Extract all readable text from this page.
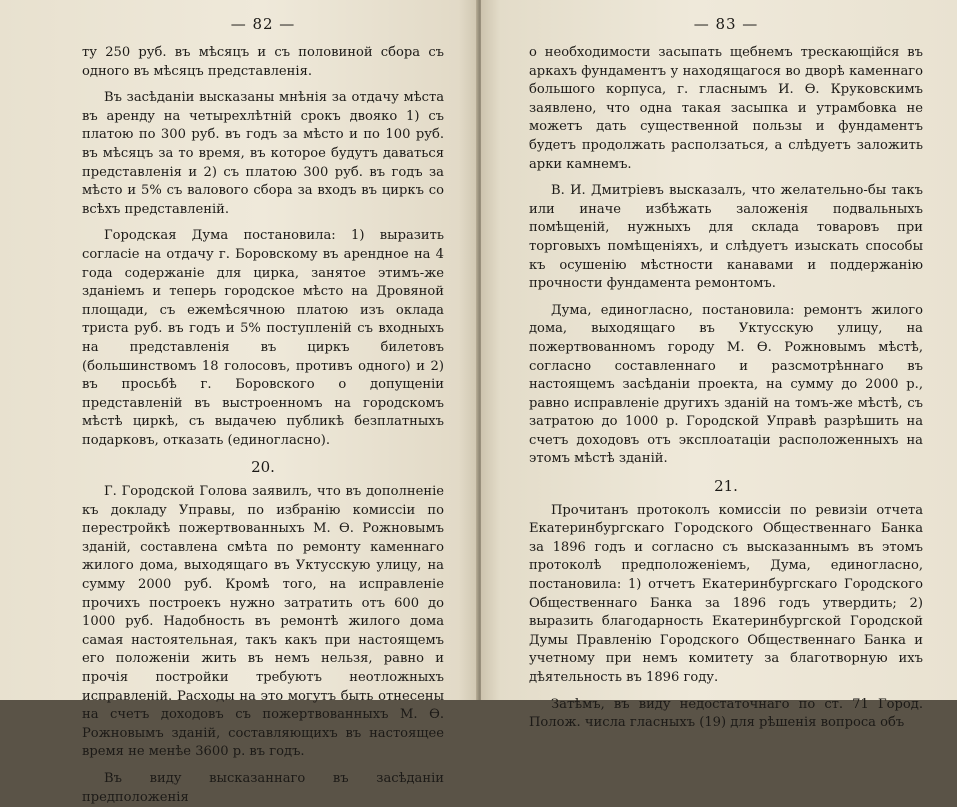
— 82 —

ту 250 руб. въ мѣсяцъ и съ половиной сбора съ одного въ мѣсяцъ представленія.

Въ засѣданіи высказаны мнѣнія за отдачу мѣста въ аренду на четырехлѣтній срокъ двояко 1) съ платою по 300 руб. въ годъ за мѣсто и по 100 руб. въ мѣсяцъ за то время, въ которое будутъ даваться представленія и 2) съ платою 300 руб. въ годъ за мѣсто и 5% съ валового сбора за входъ въ циркъ со всѣхъ представленій.

Городская Дума постановила: 1) выразить согласіе на отдачу г. Боровскому въ арендное на 4 года содержаніе для цирка, занятое этимъ-же зданіемъ и теперь городское мѣсто на Дровяной площади, съ ежемѣсячною платою изъ оклада триста руб. въ годъ и 5% поступленій съ входныхъ на представленія въ циркъ билетовъ (большинствомъ 18 голосовъ, противъ одного) и 2) въ просьбѣ г. Боровского о допущеніи представленій въ выстроенномъ на городскомъ мѣстѣ циркѣ, съ выдачею публикѣ безплатныхъ подарковъ, отказать (единогласно).

20.

Г. Городской Голова заявилъ, что въ дополненіе къ докладу Управы, по избранію комиссіи по перестройкѣ пожертвованныхъ М. Ѳ. Рожновымъ зданій, составлена смѣта по ремонту каменнаго жилого дома, выходящаго въ Уктусскую улицу, на сумму 2000 руб. Кромѣ того, на исправленіе прочихъ построекъ нужно затратить отъ 600 до 1000 руб. Надобность въ ремонтѣ жилого дома самая настоятельная, такъ какъ при настоящемъ его положеніи жить въ немъ нельзя, равно и прочія постройки требуютъ неотложныхъ исправленій. Расходы на это могутъ быть отнесены на счетъ доходовъ съ пожертвованныхъ М. Ѳ. Рожновымъ зданій, составляющихъ въ настоящее время не менѣе 3600 р. въ годъ.

Въ виду высказаннаго въ засѣданіи предположенія

— 83 —

о необходимости засыпать щебнемъ трескающійся въ аркахъ фундаментъ у находящагося во дворѣ каменнаго большого корпуса, г. гласнымъ И. Ѳ. Круковскимъ заявлено, что одна такая засыпка и утрамбовка не можетъ дать существенной пользы и фундаментъ будетъ продолжать расползаться, а слѣдуетъ заложить арки камнемъ.

В. И. Дмитріевъ высказалъ, что желательно-бы такъ или иначе избѣжать заложенія подвальныхъ помѣщеній, нужныхъ для склада товаровъ при торговыхъ помѣщеніяхъ, и слѣдуетъ изыскать способы къ осушенію мѣстности канавами и поддержанію прочности фундамента ремонтомъ.

Дума, единогласно, постановила: ремонтъ жилого дома, выходящаго въ Уктусскую улицу, на пожертвованномъ городу М. Ѳ. Рожновымъ мѣстѣ, согласно составленнаго и разсмотрѣннаго въ настоящемъ засѣданіи проекта, на сумму до 2000 р., равно исправленіе другихъ зданій на томъ-же мѣстѣ, съ затратою до 1000 р. Городской Управѣ разрѣшить на счетъ доходовъ отъ эксплоатаціи расположенныхъ на этомъ мѣстѣ зданій.

21.

Прочитанъ протоколъ комиссіи по ревизіи отчета Екатеринбургскаго Городского Общественнаго Банка за 1896 годъ и согласно съ высказаннымъ въ этомъ протоколѣ предположеніемъ, Дума, единогласно, постановила: 1) отчетъ Екатеринбургскаго Городского Общественнаго Банка за 1896 годъ утвердить; 2) выразить благодарность Екатеринбургской Городской Думы Правленію Городского Общественнаго Банка и учетному при немъ комитету за благотворную ихъ дѣятельность въ 1896 году.

Затѣмъ, въ виду недостаточнаго по ст. 71 Город. Полож. числа гласныхъ (19) для рѣшенія вопроса объ
